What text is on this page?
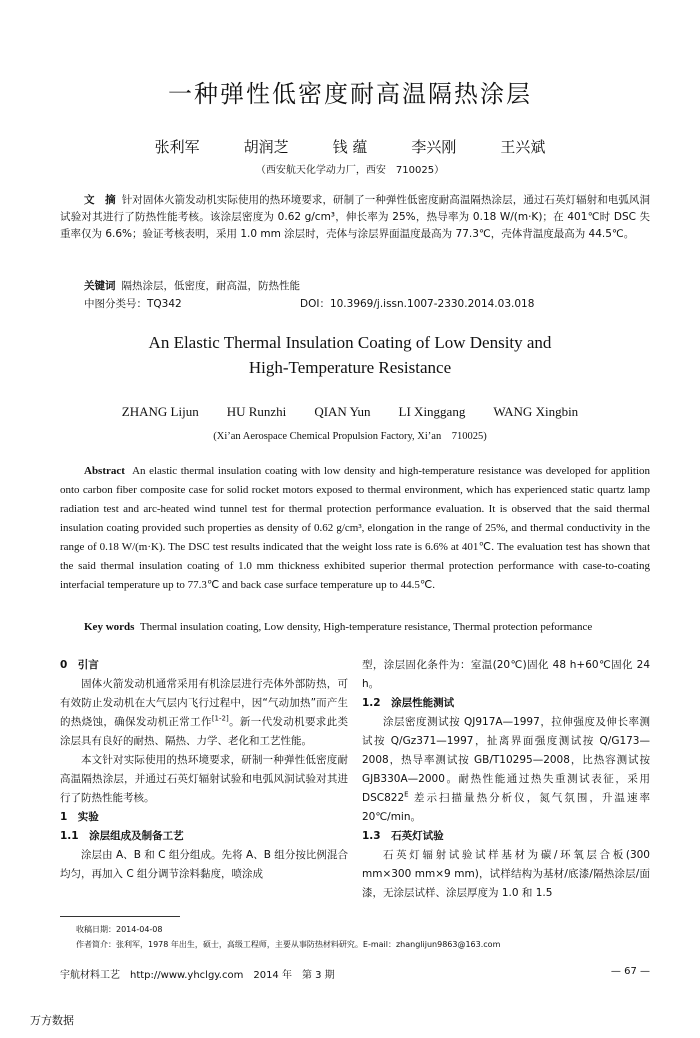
一种弹性低密度耐高温隔热涂层
张利军	胡润芝	钱 蕴	李兴刚	王兴斌
（西安航天化学动力厂，西安　710025）
文　摘 针对固体火箭发动机实际使用的热环境要求，研制了一种弹性低密度耐高温隔热涂层，通过石英灯辐射和电弧风洞试验对其进行了防热性能考核。该涂层密度为 0.62 g/cm³，伸长率为 25%，热导率为 0.18 W/(m·K)；在 401℃时 DSC 失重率仅为 6.6%；验证考核表明，采用 1.0 mm 涂层时，壳体与涂层界面温度最高为 77.3℃，壳体背温度最高为 44.5℃。
关键词 隔热涂层，低密度，耐高温，防热性能
中图分类号：TQ342	DOI：10.3969/j.issn.1007-2330.2014.03.018
An Elastic Thermal Insulation Coating of Low Density and
High-Temperature Resistance
ZHANG Lijun HU Runzhi QIAN Yun LI Xinggang WANG Xingbin
(Xi’an Aerospace Chemical Propulsion Factory, Xi’an　710025)
Abstract An elastic thermal insulation coating with low density and high-temperature resistance was developed for applition onto carbon fiber composite case for solid rocket motors exposed to thermal environment, which has experienced static quartz lamp radiation test and arc-heated wind tunnel test for thermal protection performance evaluation. It is observed that the said thermal insulation coating provided such properties as density of 0.62 g/cm³, elongation in the range of 25%, and thermal conductivity in the range of 0.18 W/(m·K). The DSC test results indicated that the weight loss rate is 6.6% at 401℃. The evaluation test has shown that the said thermal insulation coating of 1.0 mm thickness exhibited superior thermal protection performance with case-to-coating interfacial temperature up to 77.3℃ and back case surface temperature up to 44.5℃.
Key words Thermal insulation coating, Low density, High-temperature resistance, Thermal protection peformance

0　引言

固体火箭发动机通常采用有机涂层进行壳体外部防热，可有效防止发动机在大气层内飞行过程中，因“气动加热”而产生的热烧蚀，确保发动机正常工作[1-2]。新一代发动机要求此类涂层具有良好的耐热、隔热、力学、老化和工艺性能。

本文针对实际使用的热环境要求，研制一种弹性低密度耐高温隔热涂层，并通过石英灯辐射试验和电弧风洞试验对其进行了防热性能考核。

1　实验

1.1　涂层组成及制备工艺

涂层由 A、B 和 C 组分组成。先将 A、B 组分按比例混合均匀，再加入 C 组分调节涂料黏度，喷涂成

型，涂层固化条件为：室温(20℃)固化 48 h+60℃固化 24 h。

1.2　涂层性能测试

涂层密度测试按 QJ917A—1997，拉伸强度及伸长率测试按 Q/Gz371—1997，扯离界面强度测试按 Q/G173—2008，热导率测试按 GB/T10295—2008，比热容测试按 GJB330A—2000。耐热性能通过热失重测试表征，采用 $DSC822^E$ 差示扫描量热分析仪，氮气氛围，升温速率 20℃/min。

1.3　石英灯试验

石英灯辐射试验试样基材为碳/环氧层合板(300 mm×300 mm×9 mm)，试样结构为基材/底漆/隔热涂层/面漆，无涂层试样、涂层厚度为 1.0 和 1.5

收稿日期：2014-04-08
作者简介：张利军，1978 年出生，硕士，高级工程师，主要从事防热材料研究。E-mail：zhanglijun9863@163.com
宇航材料工艺　http://www.yhclgy.com　2014 年　第 3 期	— 67 —
万方数据
